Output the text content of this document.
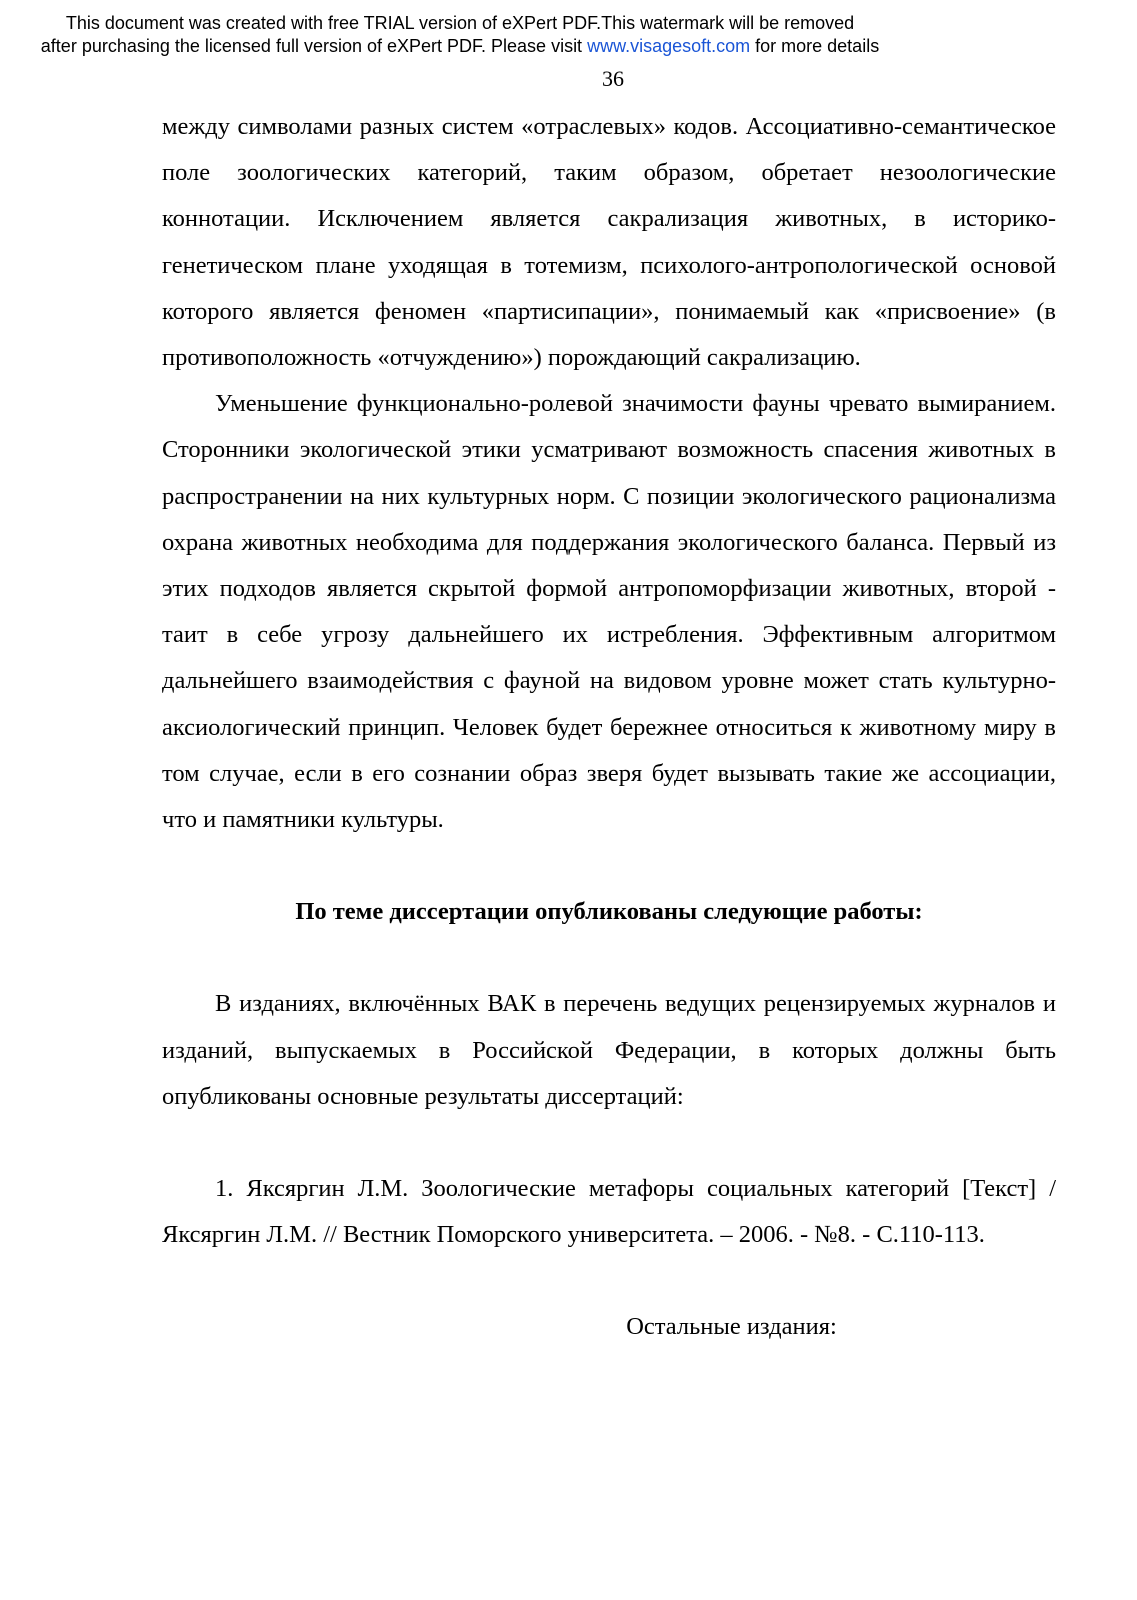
This document was created with free TRIAL version of eXPert PDF.This watermark will be removed
after purchasing the licensed full version of eXPert PDF. Please visit www.visagesoft.com for more details
36

между символами разных систем «отраслевых» кодов. Ассоциативно-семантическое поле зоологических категорий, таким образом, обретает незоологические коннотации. Исключением является сакрализация животных, в историко-генетическом плане уходящая в тотемизм, психолого-антропологической основой которого является феномен «партисипации», понимаемый как «присвоение» (в противоположность «отчуждению») порождающий сакрализацию.

Уменьшение функционально-ролевой значимости фауны чревато вымиранием. Сторонники экологической этики усматривают возможность спасения животных в распространении на них культурных норм. С позиции экологического рационализма охрана животных необходима для поддержания экологического баланса. Первый из этих подходов является скрытой формой антропоморфизации животных, второй - таит в себе угрозу дальнейшего их истребления. Эффективным алгоритмом дальнейшего взаимодействия с фауной на видовом уровне может стать культурно-аксиологический принцип. Человек будет бережнее относиться к животному миру в том случае, если в его сознании образ зверя будет вызывать такие же ассоциации, что и памятники культуры.

По теме диссертации опубликованы следующие работы:

В изданиях, включённых ВАК в перечень ведущих рецензируемых журналов и изданий, выпускаемых в Российской Федерации, в которых должны быть опубликованы основные результаты диссертаций:

1. Яксяргин Л.М. Зоологические метафоры социальных категорий [Текст] / Яксяргин Л.М. // Вестник Поморского университета. – 2006. - №8. - С.110-113.

Остальные издания:
